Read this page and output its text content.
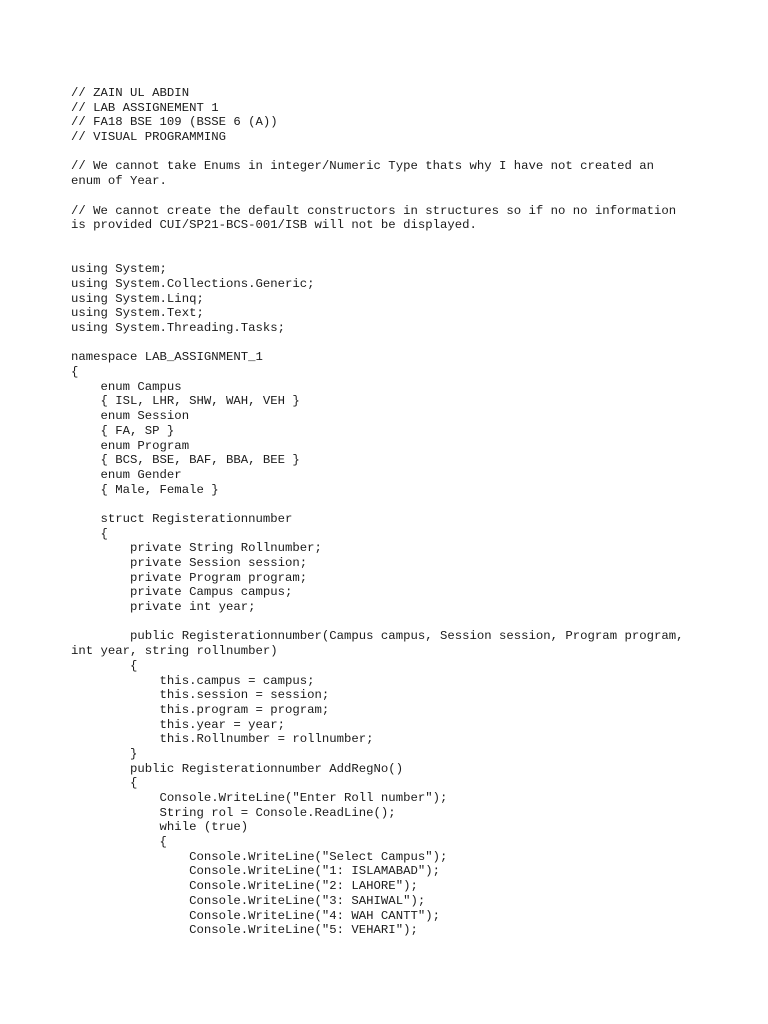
// ZAIN UL ABDIN
// LAB ASSIGNEMENT 1
// FA18 BSE 109 (BSSE 6 (A))
// VISUAL PROGRAMMING
// We cannot take Enums in integer/Numeric Type thats why I have not created an
enum of Year.
// We cannot create the default constructors in structures so if no no information
is provided CUI/SP21-BCS-001/ISB will not be displayed.
using System;
using System.Collections.Generic;
using System.Linq;
using System.Text;
using System.Threading.Tasks;
namespace LAB_ASSIGNMENT_1
{
enum Campus
{ ISL, LHR, SHW, WAH, VEH }
enum Session
{ FA, SP }
enum Program
{ BCS, BSE, BAF, BBA, BEE }
enum Gender
{ Male, Female }
struct Registerationnumber
{
private String Rollnumber;
private Session session;
private Program program;
private Campus campus;
private int year;
public Registerationnumber(Campus campus, Session session, Program program,
int year, string rollnumber)
{
this.campus = campus;
this.session = session;
this.program = program;
this.year = year;
this.Rollnumber = rollnumber;
}
public Registerationnumber AddRegNo()
{
Console.WriteLine("Enter Roll number");
String rol = Console.ReadLine();
while (true)
{
Console.WriteLine("Select Campus");
Console.WriteLine("1: ISLAMABAD");
Console.WriteLine("2: LAHORE");
Console.WriteLine("3: SAHIWAL");
Console.WriteLine("4: WAH CANTT");
Console.WriteLine("5: VEHARI");
